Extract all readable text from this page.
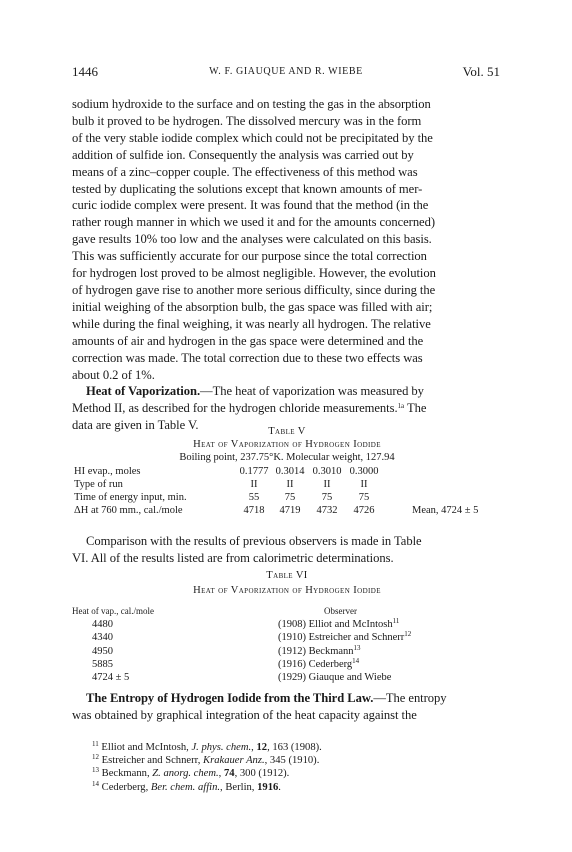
1446	W. F. GIAUQUE AND R. WIEBE	Vol. 51

sodium hydroxide to the surface and on testing the gas in the absorption

bulb it proved to be hydrogen. The dissolved mercury was in the form

of the very stable iodide complex which could not be precipitated by the

addition of sulfide ion. Consequently the analysis was carried out by

means of a zinc–copper couple. The effectiveness of this method was

tested by duplicating the solutions except that known amounts of mer-

curic iodide complex were present. It was found that the method (in the

rather rough manner in which we used it and for the amounts concerned)

gave results 10% too low and the analyses were calculated on this basis.

This was sufficiently accurate for our purpose since the total correction

for hydrogen lost proved to be almost negligible. However, the evolution

of hydrogen gave rise to another more serious difficulty, since during the

initial weighing of the absorption bulb, the gas space was filled with air;

while during the final weighing, it was nearly all hydrogen. The relative

amounts of air and hydrogen in the gas space were determined and the

correction was made. The total correction due to these two effects was

about 0.2 of 1%.

Heat of Vaporization.—The heat of vaporization was measured by

Method II, as described for the hydrogen chloride measurements.$^{1a}$ The

data are given in Table V.	Table V
Heat of Vaporization of Hydrogen Iodide
Boiling point, 237.75°K. Molecular weight, 127.94
HI evap., moles	0.1777 0.3014 0.3010 0.3000
Type of run	II	II	II	II
Time of energy input, min.	55	75	75	75
ΔH at 760 mm., cal./mole	4718	4719	4732	4726	Mean, 4724 ± 5

Comparison with the results of previous observers is made in Table

VI. All of the results listed are from calorimetric determinations.

Table VI
Heat of Vaporization of Hydrogen Iodide
Heat of vap., cal./mole	Observer
4480	(1908) Elliot and McIntosh$^{11}$
4340	(1910) Estreicher and Schnerr$^{12}$
4950	(1912) Beckmann$^{13}$
5885	(1916) Cederberg$^{14}$
4724 ± 5	(1929) Giauque and Wiebe

The Entropy of Hydrogen Iodide from the Third Law.—The entropy

was obtained by graphical integration of the heat capacity against the

$^{11}$ Elliot and McIntosh, J. phys. chem., 12, 163 (1908).
$^{12}$ Estreicher and Schnerr, Krakauer Anz., 345 (1910).
$^{13}$ Beckmann, Z. anorg. chem., 74, 300 (1912).
$^{14}$ Cederberg, Ber. chem. affin., Berlin, 1916.
